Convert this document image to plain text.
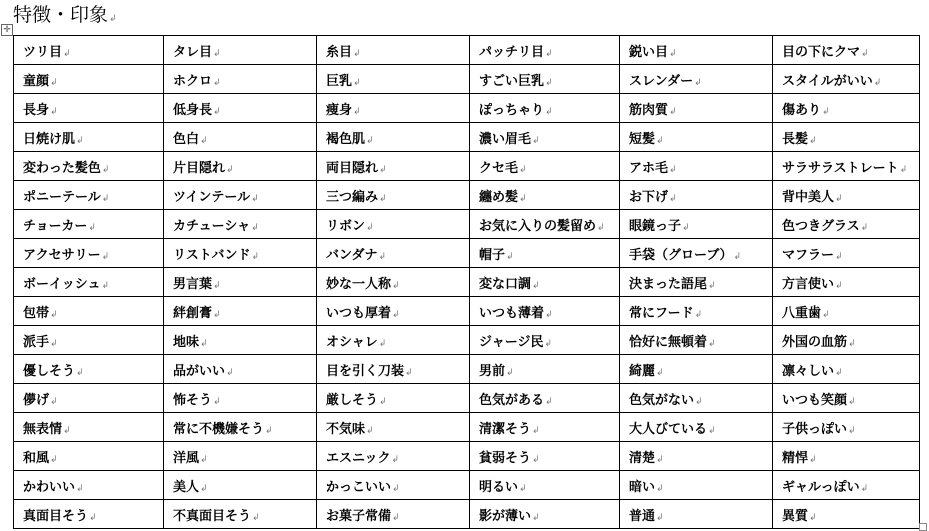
特徴・印象↲
✛
ツリ目↲	タレ目↲	糸目↲	パッチリ目↲	鋭い目↲	目の下にクマ↲
童顔↲	ホクロ↲	巨乳↲	すごい巨乳↲	スレンダー↲	スタイルがいい↲
長身↲	低身長↲	痩身↲	ぽっちゃり↲	筋肉質↲	傷あり↲
日焼け肌↲	色白↲	褐色肌↲	濃い眉毛↲	短髪↲	長髪↲
変わった髪色↲	片目隠れ↲	両目隠れ↲	クセ毛↲	アホ毛↲	サラサラストレート↲
ポニーテール↲	ツインテール↲	三つ編み↲	纏め髪↲	お下げ↲	背中美人↲
チョーカー↲	カチューシャ↲	リボン↲	お気に入りの髪留め↲	眼鏡っ子↲	色つきグラス↲
アクセサリー↲	リストバンド↲	バンダナ↲	帽子↲	手袋（グローブ）↲	マフラー↲
ボーイッシュ↲	男言葉↲	妙な一人称↲	変な口調↲	決まった語尾↲	方言使い↲
包帯↲	絆創膏↲	いつも厚着↲	いつも薄着↲	常にフード↲	八重歯↲
派手↲	地味↲	オシャレ↲	ジャージ民↲	恰好に無頓着↲	外国の血筋↲
優しそう↲	品がいい↲	目を引く刀装↲	男前↲	綺麗↲	凛々しい↲
儚げ↲	怖そう↲	厳しそう↲	色気がある↲	色気がない↲	いつも笑顔↲
無表情↲	常に不機嫌そう↲	不気味↲	清潔そう↲	大人びている↲	子供っぽい↲
和風↲	洋風↲	エスニック↲	貧弱そう↲	清楚↲	精悍↲
かわいい↲	美人↲	かっこいい↲	明るい↲	暗い↲	ギャルっぽい↲
真面目そう↲	不真面目そう↲	お菓子常備↲	影が薄い↲	普通↲	異質↲
